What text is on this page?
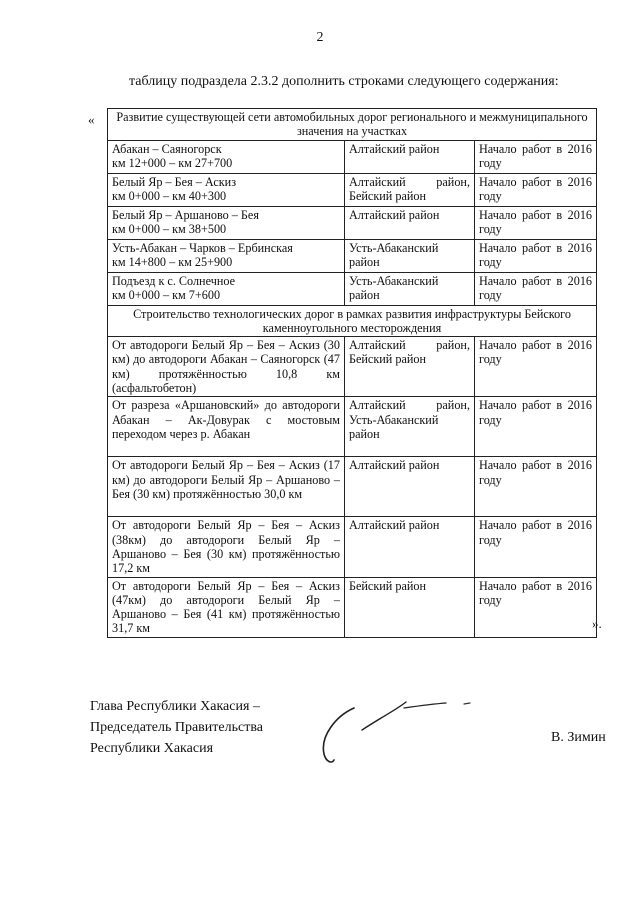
2
таблицу подраздела 2.3.2 дополнить строками следующего содержания:
« Развитие существующей сети автомобильных дорог регионального и межмуниципального значения на участках		
Абакан – Саяногорск
км 12+000 – км 27+700	Алтайский район	Начало работ в 2016 году
Белый Яр – Бея – Аскиз
км 0+000 – км 40+300	Алтайский район, Бейский район	Начало работ в 2016 году
Белый Яр – Аршаново – Бея
км 0+000 – км 38+500	Алтайский район	Начало работ в 2016 году
Усть-Абакан – Чарков – Ербинская
км 14+800 – км 25+900	Усть-Абаканский район	Начало работ в 2016 году
Подъезд к с. Солнечное
км 0+000 – км 7+600	Усть-Абаканский район	Начало работ в 2016 году
Строительство технологических дорог в рамках развития инфраструктуры Бейского каменноугольного месторождения		
От автодороги Белый Яр – Бея – Аскиз (30 км) до автодороги Абакан – Саяногорск (47 км) протяжённостью 10,8 км (асфальтобетон)	Алтайский район, Бейский район	Начало работ в 2016 году
От разреза «Аршановский» до автодороги Абакан – Ак-Довурак с мостовым переходом через р. Абакан	Алтайский район, Усть-Абаканский район	Начало работ в 2016 году
От автодороги Белый Яр – Бея – Аскиз (17 км) до автодороги Белый Яр – Аршаново – Бея (30 км) протяжённостью 30,0 км	Алтайский район	Начало работ в 2016 году
От автодороги Белый Яр – Бея – Аскиз (38км) до автодороги Белый Яр – Аршаново – Бея (30 км) протяжённостью 17,2 км	Алтайский район	Начало работ в 2016 году
От автодороги Белый Яр – Бея – Аскиз (47км) до автодороги Белый Яр – Аршаново – Бея (41 км) протяжённостью 31,7 км	Бейский район	Начало работ в 2016 году
».
Глава Республики Хакасия –
Председатель Правительства
Республики Хакасия
В. Зимин
